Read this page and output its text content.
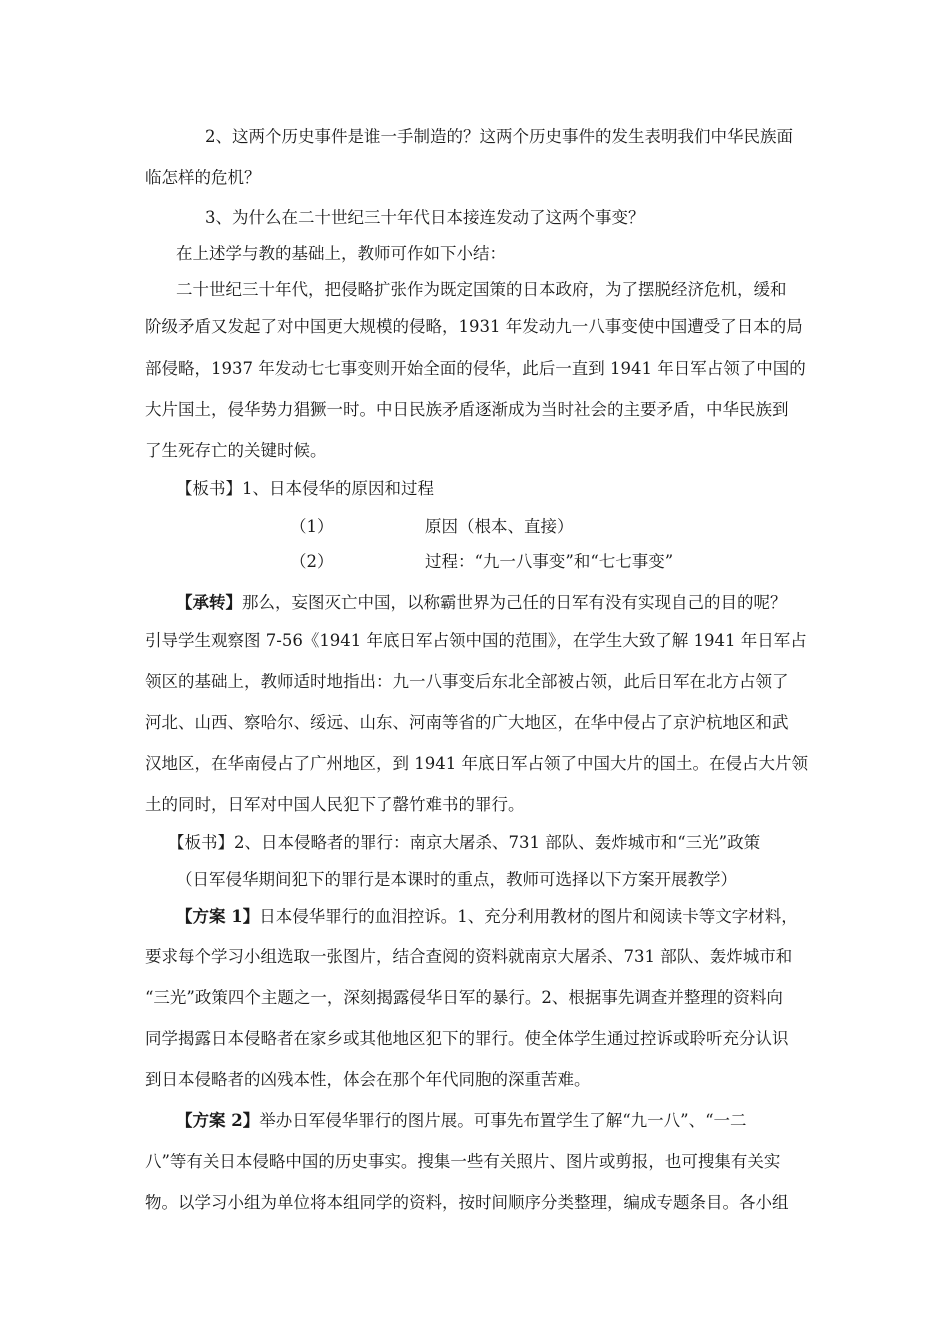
2、这两个历史事件是谁一手制造的？这两个历史事件的发生表明我们中华民族面
临怎样的危机？
3、为什么在二十世纪三十年代日本接连发动了这两个事变？
在上述学与教的基础上，教师可作如下小结：
二十世纪三十年代，把侵略扩张作为既定国策的日本政府，为了摆脱经济危机，缓和
阶级矛盾又发起了对中国更大规模的侵略，1931 年发动九一八事变使中国遭受了日本的局
部侵略，1937 年发动七七事变则开始全面的侵华，此后一直到 1941 年日军占领了中国的
大片国土，侵华势力猖獗一时。中日民族矛盾逐渐成为当时社会的主要矛盾，中华民族到
了生死存亡的关键时候。
【板书】1、日本侵华的原因和过程
（1）	原因（根本、直接）
（2）	过程：“九一八事变”和“七七事变”
【承转】那么，妄图灭亡中国，以称霸世界为己任的日军有没有实现自己的目的呢？
引导学生观察图 7-56《1941 年底日军占领中国的范围》，在学生大致了解 1941 年日军占
领区的基础上，教师适时地指出：九一八事变后东北全部被占领，此后日军在北方占领了
河北、山西、察哈尔、绥远、山东、河南等省的广大地区，在华中侵占了京沪杭地区和武
汉地区，在华南侵占了广州地区，到 1941 年底日军占领了中国大片的国土。在侵占大片领
土的同时，日军对中国人民犯下了罄竹难书的罪行。
【板书】2、日本侵略者的罪行：南京大屠杀、731 部队、轰炸城市和“三光”政策
（日军侵华期间犯下的罪行是本课时的重点，教师可选择以下方案开展教学）
【方案 1】日本侵华罪行的血泪控诉。1、充分利用教材的图片和阅读卡等文字材料，
要求每个学习小组选取一张图片，结合查阅的资料就南京大屠杀、731 部队、轰炸城市和
“三光”政策四个主题之一，深刻揭露侵华日军的暴行。2、根据事先调查并整理的资料向
同学揭露日本侵略者在家乡或其他地区犯下的罪行。使全体学生通过控诉或聆听充分认识
到日本侵略者的凶残本性，体会在那个年代同胞的深重苦难。
【方案 2】举办日军侵华罪行的图片展。可事先布置学生了解“九一八”、“一二
八”等有关日本侵略中国的历史事实。搜集一些有关照片、图片或剪报，也可搜集有关实
物。以学习小组为单位将本组同学的资料，按时间顺序分类整理，编成专题条目。各小组
